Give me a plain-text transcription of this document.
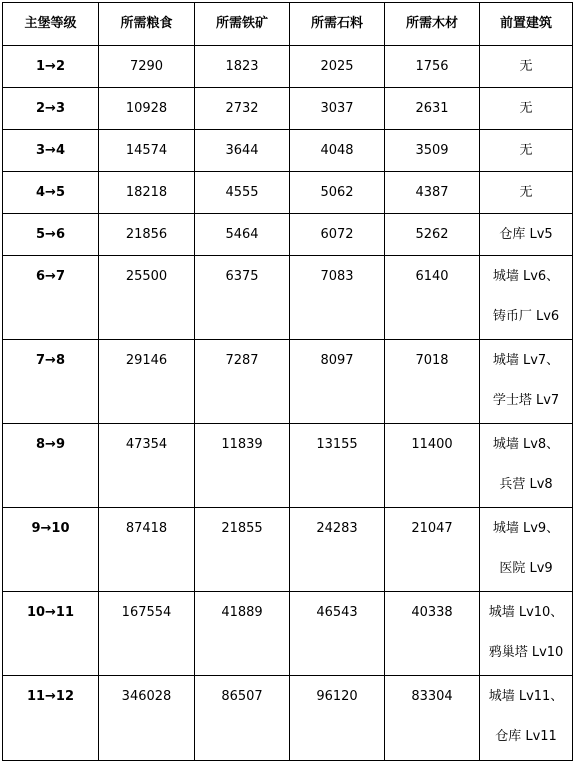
主堡等级	所需粮食	所需铁矿	所需石料	所需木材	前置建筑
1→2	7290	1823	2025	1756	无

2→3	10928	2732	3037	2631	无

3→4	14574	3644	4048	3509	无

4→5	18218	4555	5062	4387	无

5→6	21856	5464	6072	5262	仓库 Lv5

6→7	25500	6375	7083	6140	城墙 Lv6、
铸币厂 Lv6

7→8	29146	7287	8097	7018	城墙 Lv7、
学士塔 Lv7

8→9	47354	11839	13155	11400	城墙 Lv8、
兵营 Lv8

9→10	87418	21855	24283	21047	城墙 Lv9、
医院 Lv9

10→11	167554	41889	46543	40338	城墙 Lv10、
鸦巢塔 Lv10

11→12	346028	86507	96120	83304	城墙 Lv11、
仓库 Lv11
